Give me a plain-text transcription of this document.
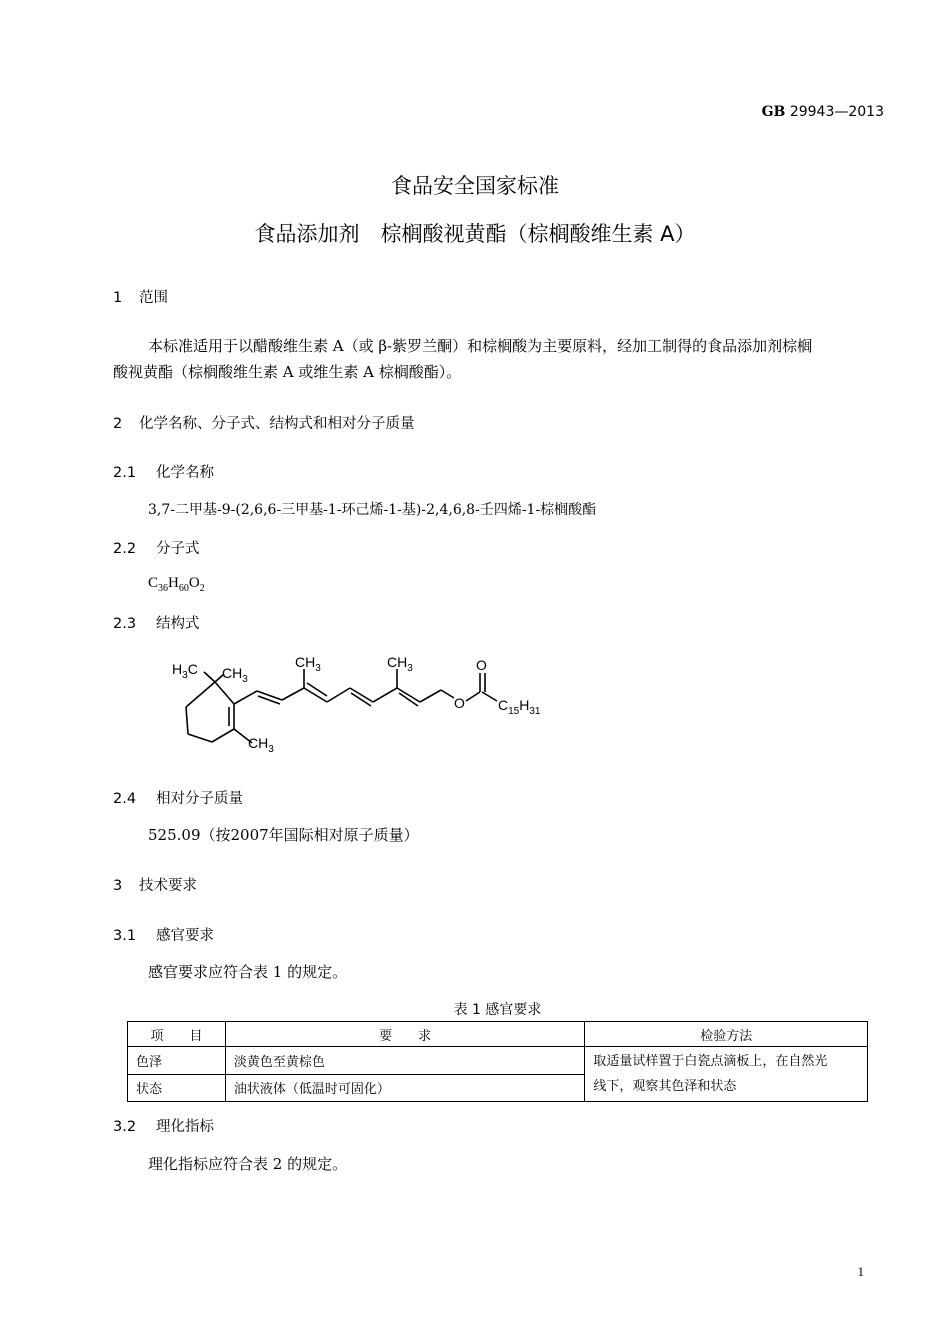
GB 29943—2013
食品安全国家标准
食品添加剂　棕榈酸视黄酯（棕榈酸维生素 A）
1 范围
本标准适用于以醋酸维生素 A（或 β-紫罗兰酮）和棕榈酸为主要原料，经加工制得的食品添加剂棕榈
酸视黄酯（棕榈酸维生素 A 或维生素 A 棕榈酸酯）。
2 化学名称、分子式、结构式和相对分子质量
2.1 化学名称
3,7-二甲基-9-(2,6,6-三甲基-1-环己烯-1-基)-2,4,6,8-壬四烯-1-棕榈酸酯
2.2 分子式
$C_{36}H_{60}O_2$
2.3 结构式
$H_3C$ $CH_3$
$CH_3$
$CH_3$	$CH_3$	O
O $C_{15}H_{31}$
2.4 相对分子质量
525.09（按2007年国际相对原子质量）
3 技术要求
3.1 感官要求
感官要求应符合表 1 的规定。
表 1 感官要求
项　　目	要　　求	检验方法
色泽	淡黄色至黄棕色	取适量试样置于白瓷点滴板上，在自然光
线下，观察其色泽和状态
状态	油状液体（低温时可固化）	
3.2 理化指标
理化指标应符合表 2 的规定。
1
